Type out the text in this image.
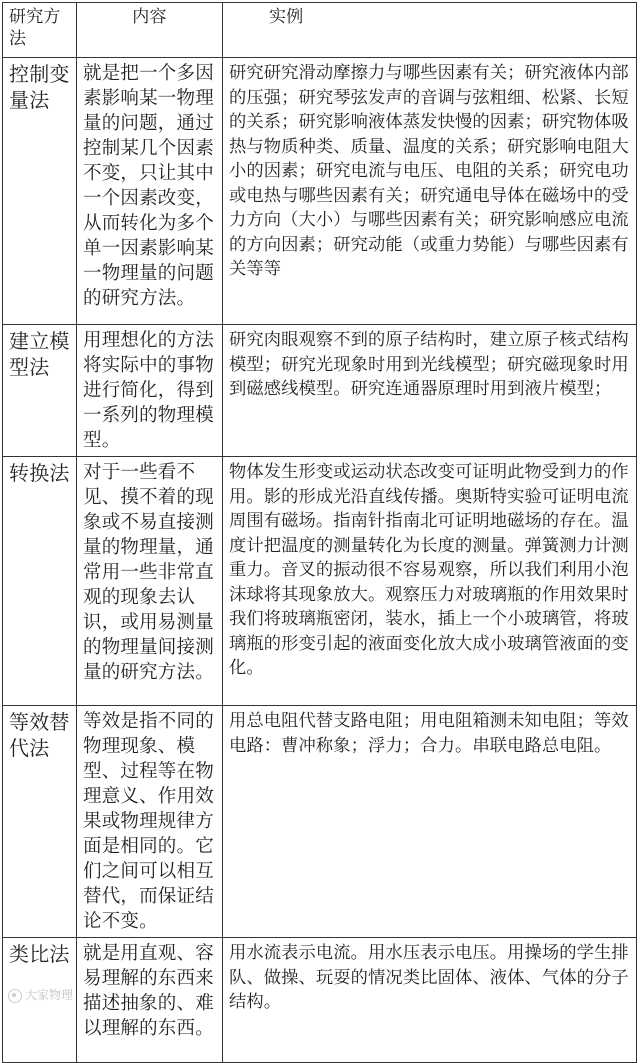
研究方法	内容	实例

控制变量法	就是把一个多因素影响某一物理量的问题，通过控制某几个因素不变，只让其中一个因素改变，从而转化为多个单一因素影响某一物理量的问题的研究方法。	研究研究滑动摩擦力与哪些因素有关；研究液体内部的压强；研究琴弦发声的音调与弦粗细、松紧、长短的关系；研究影响液体蒸发快慢的因素；研究物体吸热与物质种类、质量、温度的关系；研究影响电阻大小的因素；研究电流与电压、电阻的关系；研究电功或电热与哪些因素有关；研究通电导体在磁场中的受力方向（大小）与哪些因素有关；研究影响感应电流的方向因素；研究动能（或重力势能）与哪些因素有关等等

建立模型法	用理想化的方法将实际中的事物进行简化，得到一系列的物理模型。	研究肉眼观察不到的原子结构时，建立原子核式结构模型；研究光现象时用到光线模型；研究磁现象时用到磁感线模型。研究连通器原理时用到液片模型；

转换法	对于一些看不见、摸不着的现象或不易直接测量的物理量，通常用一些非常直观的现象去认识，或用易测量的物理量间接测量的研究方法。	物体发生形变或运动状态改变可证明此物受到力的作用。影的形成光沿直线传播。奥斯特实验可证明电流周围有磁场。指南针指南北可证明地磁场的存在。温度计把温度的测量转化为长度的测量。弹簧测力计测重力。音叉的振动很不容易观察，所以我们利用小泡沫球将其现象放大。观察压力对玻璃瓶的作用效果时我们将玻璃瓶密闭，装水，插上一个小玻璃管，将玻璃瓶的形变引起的液面变化放大成小玻璃管液面的变化。

等效替代法	等效是指不同的物理现象、模型、过程等在物理意义、作用效果或物理规律方面是相同的。它们之间可以相互替代，而保证结论不变。	用总电阻代替支路电阻；用电阻箱测未知电阻；等效电路：曹冲称象；浮力；合力。串联电路总电阻。

类比法	就是用直观、容易理解的东西来描述抽象的、难以理解的东西。	用水流表示电流。用水压表示电压。用操场的学生排队、做操、玩耍的情况类比固体、液体、气体的分子结构。
大家物理
